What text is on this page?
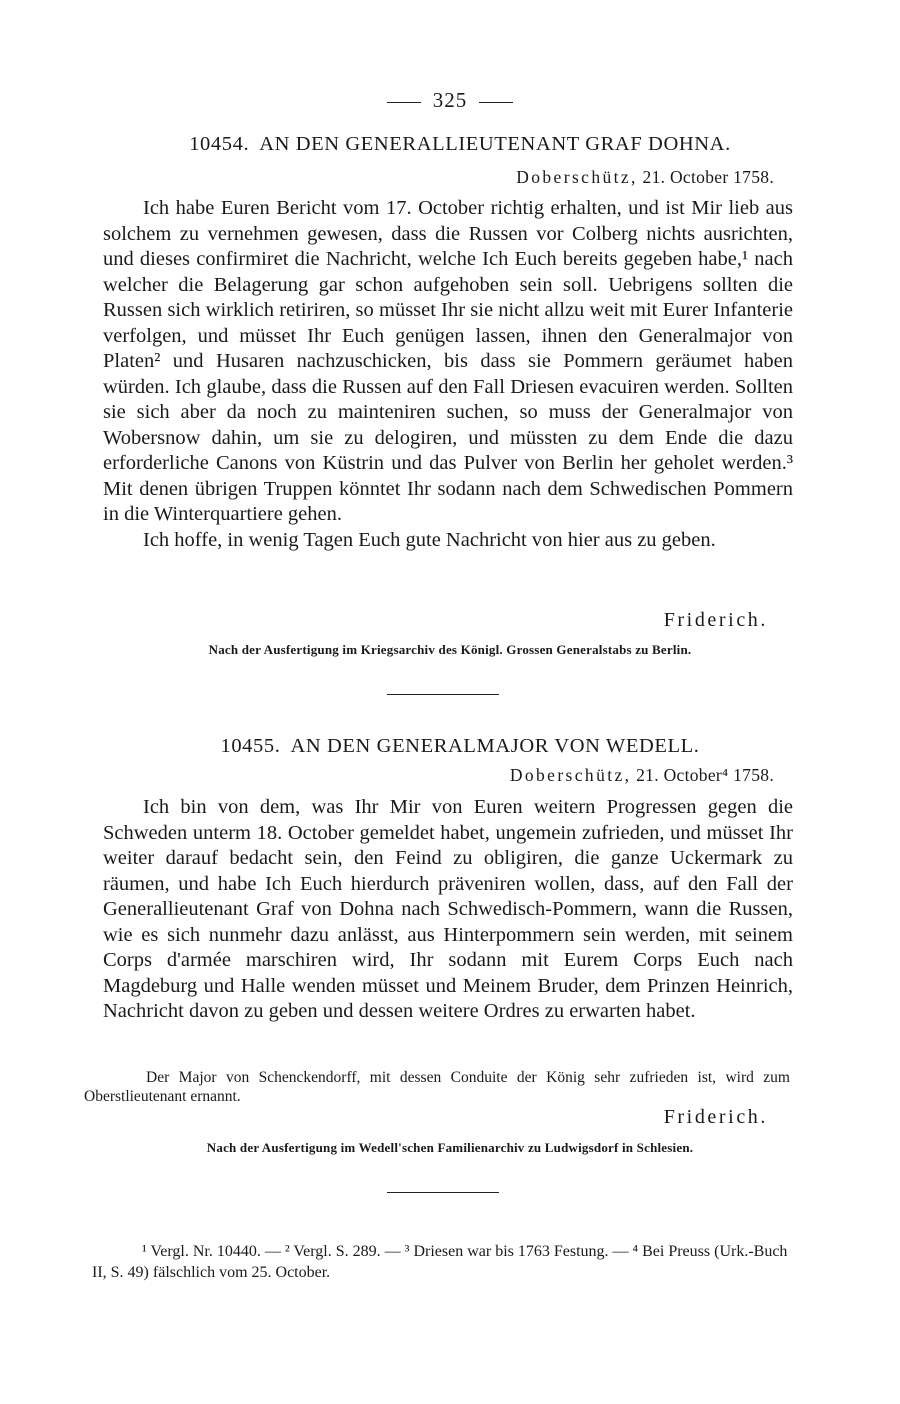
325
10454. AN DEN GENERALLIEUTENANT GRAF DOHNA.
Doberschütz, 21. October 1758.

Ich habe Euren Bericht vom 17. October richtig erhalten, und ist Mir lieb aus solchem zu vernehmen gewesen, dass die Russen vor Colberg nichts ausrichten, und dieses confirmiret die Nachricht, welche Ich Euch bereits gegeben habe,¹ nach welcher die Belagerung gar schon aufgehoben sein soll. Uebrigens sollten die Russen sich wirklich retiriren, so müsset Ihr sie nicht allzu weit mit Eurer Infanterie verfolgen, und müsset Ihr Euch genügen lassen, ihnen den Generalmajor von Platen² und Husaren nachzuschicken, bis dass sie Pommern geräumet haben würden. Ich glaube, dass die Russen auf den Fall Driesen evacuiren werden. Sollten sie sich aber da noch zu mainteniren suchen, so muss der Generalmajor von Wobersnow dahin, um sie zu delogiren, und müssten zu dem Ende die dazu erforderliche Canons von Küstrin und das Pulver von Berlin her geholet werden.³ Mit denen übrigen Truppen könntet Ihr sodann nach dem Schwedischen Pommern in die Winterquartiere gehen.

Ich hoffe, in wenig Tagen Euch gute Nachricht von hier aus zu geben.

Friderich.
Nach der Ausfertigung im Kriegsarchiv des Königl. Grossen Generalstabs zu Berlin.
10455. AN DEN GENERALMAJOR VON WEDELL.
Doberschütz, 21. October⁴ 1758.

Ich bin von dem, was Ihr Mir von Euren weitern Progressen gegen die Schweden unterm 18. October gemeldet habet, ungemein zufrieden, und müsset Ihr weiter darauf bedacht sein, den Feind zu obligiren, die ganze Uckermark zu räumen, und habe Ich Euch hierdurch präveniren wollen, dass, auf den Fall der Generallieutenant Graf von Dohna nach Schwedisch-Pommern, wann die Russen, wie es sich nunmehr dazu anlässt, aus Hinterpommern sein werden, mit seinem Corps d'armée marschiren wird, Ihr sodann mit Eurem Corps Euch nach Magdeburg und Halle wenden müsset und Meinem Bruder, dem Prinzen Heinrich, Nachricht davon zu geben und dessen weitere Ordres zu erwarten habet.

Der Major von Schenckendorff, mit dessen Conduite der König sehr zufrieden ist, wird zum Oberstlieutenant ernannt.
Friderich.
Nach der Ausfertigung im Wedell'schen Familienarchiv zu Ludwigsdorf in Schlesien.
¹ Vergl. Nr. 10440. — ² Vergl. S. 289. — ³ Driesen war bis 1763 Festung. — ⁴ Bei Preuss (Urk.-Buch II, S. 49) fälschlich vom 25. October.
